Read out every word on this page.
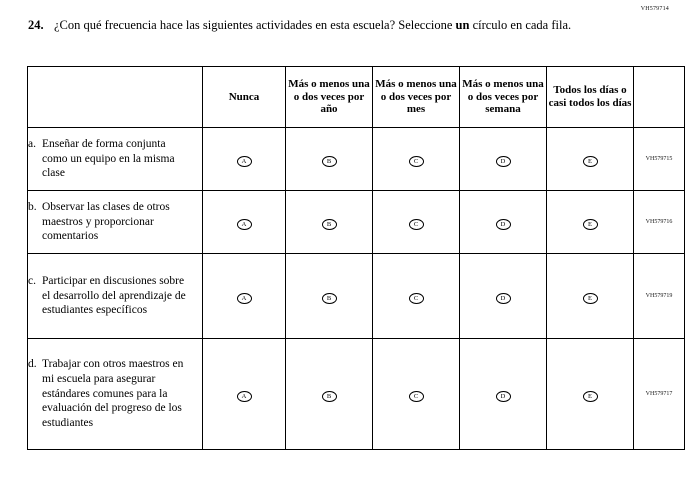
VH579714
24. ¿Con qué frecuencia hace las siguientes actividades en esta escuela? Seleccione un círculo en cada fila.
	Nunca	Más o menos una o dos veces por año	Más o menos una o dos veces por mes	Más o menos una o dos veces por semana	Todos los días o casi todos los días	
a. Enseñar de forma conjunta como un equipo en la misma clase	A	B	C	D	E	VH579715
b. Observar las clases de otros maestros y proporcionar comentarios	A	B	C	D	E	VH579716
c. Participar en discusiones sobre el desarrollo del aprendizaje de estudiantes específicos	A	B	C	D	E	VH579719
d. Trabajar con otros maestros en mi escuela para asegurar estándares comunes para la evaluación del progreso de los estudiantes	A	B	C	D	E	VH579717
